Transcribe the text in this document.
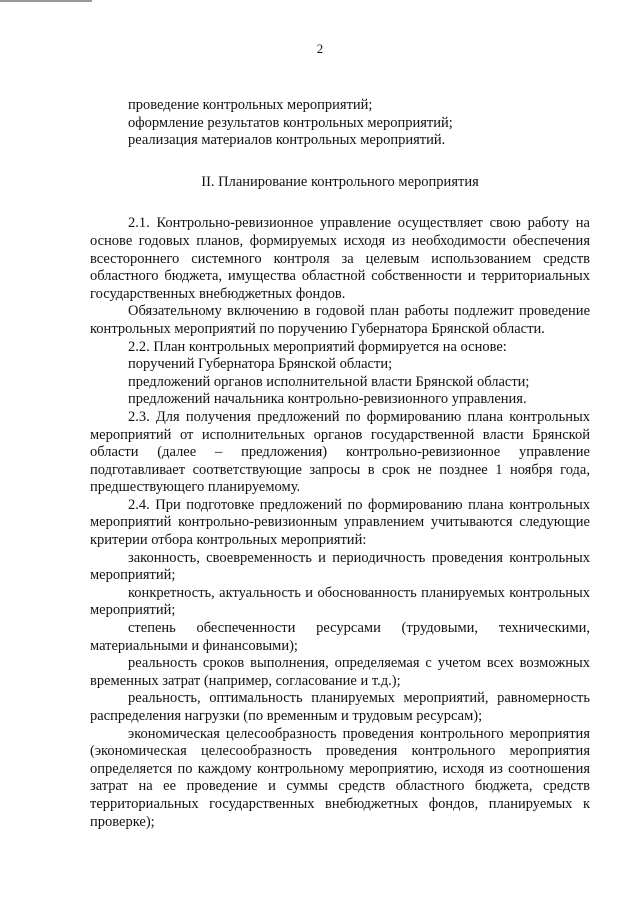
2

проведение контрольных мероприятий;

оформление результатов контрольных мероприятий;

реализация материалов контрольных мероприятий.

II. Планирование контрольного мероприятия

2.1. Контрольно-ревизионное управление осуществляет свою работу на основе годовых планов, формируемых исходя из необходимости обеспечения всестороннего системного контроля за целевым использованием средств областного бюджета, имущества областной собственности и территориальных государственных внебюджетных фондов.

Обязательному включению в годовой план работы подлежит проведение контрольных мероприятий по поручению Губернатора Брянской области.

2.2. План контрольных мероприятий формируется на основе:

поручений Губернатора Брянской области;

предложений органов исполнительной власти Брянской области;

предложений начальника контрольно-ревизионного управления.

2.3. Для получения предложений по формированию плана контрольных мероприятий от исполнительных органов государственной власти Брянской области (далее – предложения) контрольно-ревизионное управление подготавливает соответствующие запросы в срок не позднее 1 ноября года, предшествующего планируемому.

2.4. При подготовке предложений по формированию плана контрольных мероприятий контрольно-ревизионным управлением учитываются следующие критерии отбора контрольных мероприятий:

законность, своевременность и периодичность проведения контрольных мероприятий;

конкретность, актуальность и обоснованность планируемых контрольных мероприятий;

степень обеспеченности ресурсами (трудовыми, техническими, материальными и финансовыми);

реальность сроков выполнения, определяемая с учетом всех возможных временных затрат (например, согласование и т.д.);

реальность, оптимальность планируемых мероприятий, равномерность распределения нагрузки (по временным и трудовым ресурсам);

экономическая целесообразность проведения контрольного мероприятия (экономическая целесообразность проведения контрольного мероприятия определяется по каждому контрольному мероприятию, исходя из соотношения затрат на ее проведение и суммы средств областного бюджета, средств территориальных государственных внебюджетных фондов, планируемых к проверке);
